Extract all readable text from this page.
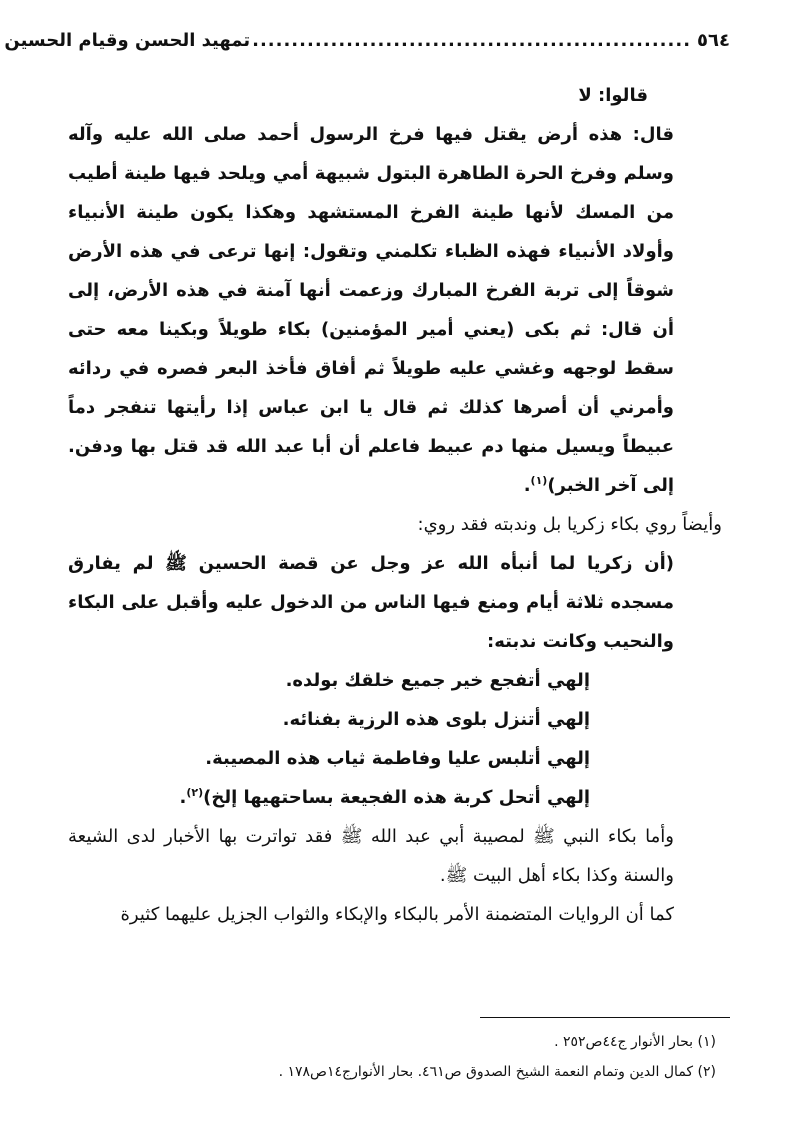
٥٦٤
........................................................
تمهيد الحسن وقيام الحسين

قالوا: لا

قال: هذه أرض يقتل فيها فرخ الرسول أحمد صلى الله عليه وآله وسلم وفرخ الحرة الطاهرة البتول شبيهة أمي ويلحد فيها طينة أطيب من المسك لأنها طينة الفرخ المستشهد وهكذا يكون طينة الأنبياء وأولاد الأنبياء فهذه الظباء تكلمني وتقول: إنها ترعى في هذه الأرض شوقاً إلى تربة الفرخ المبارك وزعمت أنها آمنة في هذه الأرض، إلى أن قال: ثم بكى (يعني أمير المؤمنين) بكاء طويلاً وبكينا معه حتى سقط لوجهه وغشي عليه طويلاً ثم أفاق فأخذ البعر فصره في ردائه وأمرني أن أصرها كذلك ثم قال يا ابن عباس إذا رأيتها تنفجر دماً عبيطاً ويسيل منها دم عبيط فاعلم أن أبا عبد الله قد قتل بها ودفن. إلى آخر الخبر)$^{(١)}$.

وأيضاً روي بكاء زكريا بل وندبته فقد روي:

(أن زكريا لما أنبأه الله عز وجل عن قصة الحسين ﷺ لم يفارق مسجده ثلاثة أيام ومنع فيها الناس من الدخول عليه وأقبل على البكاء والنحيب وكانت ندبته:

إلهي أتفجع خير جميع خلقك بولده.

إلهي أتنزل بلوى هذه الرزية بفنائه.

إلهي أتلبس عليا وفاطمة ثياب هذه المصيبة.

إلهي أتحل كربة هذه الفجيعة بساحتهيها إلخ)$^{(٢)}$.

وأما بكاء النبي ﷺ لمصيبة أبي عبد الله ﷺ فقد تواترت بها الأخبار لدى الشيعة والسنة وكذا بكاء أهل البيت ﷺ.

كما أن الروايات المتضمنة الأمر بالبكاء والإبكاء والثواب الجزيل عليهما كثيرة

(١) بحار الأنوار ج٤٤ص٢٥٢ .

(٢) كمال الدين وتمام النعمة الشيخ الصدوق ص٤٦١. بحار الأنوارج١٤ص١٧٨ .
